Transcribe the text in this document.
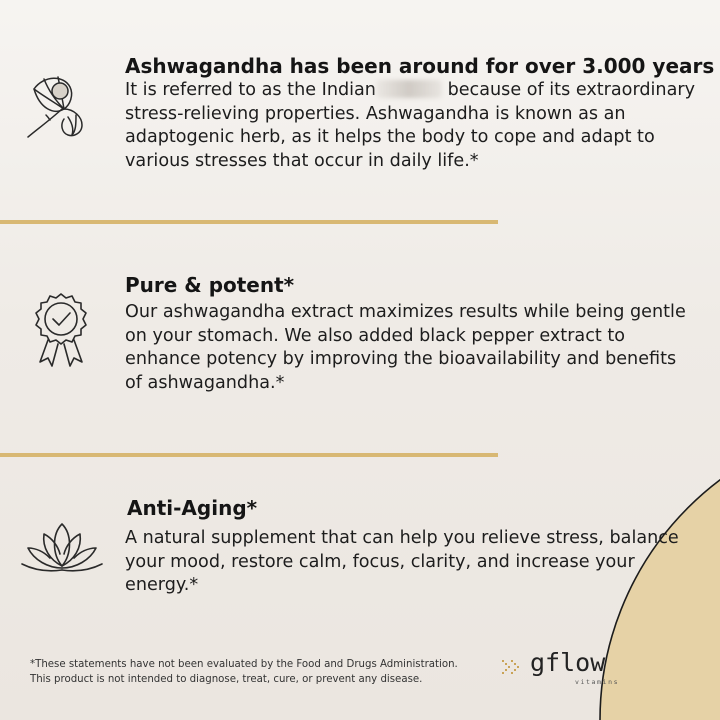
Ashwagandha has been around for over 3.000 years
It is referred to as the Indian	because of its extraordinary stress-relieving properties. Ashwagandha is known as an adaptogenic herb, as it helps the body to cope and adapt to various stresses that occur in daily life.*
Pure & potent*
Our ashwagandha extract maximizes results while being gentle on your stomach. We also added black pepper extract to enhance potency by improving the bioavailability and benefits of ashwagandha.*
Anti-Aging*
A natural supplement that can help you relieve stress, balance your mood, restore calm, focus, clarity, and increase your energy.*
*These statements have not been evaluated by the Food and Drugs Administration.
This product is not intended to diagnose, treat, cure, or prevent any disease.
gflow
vitamins
